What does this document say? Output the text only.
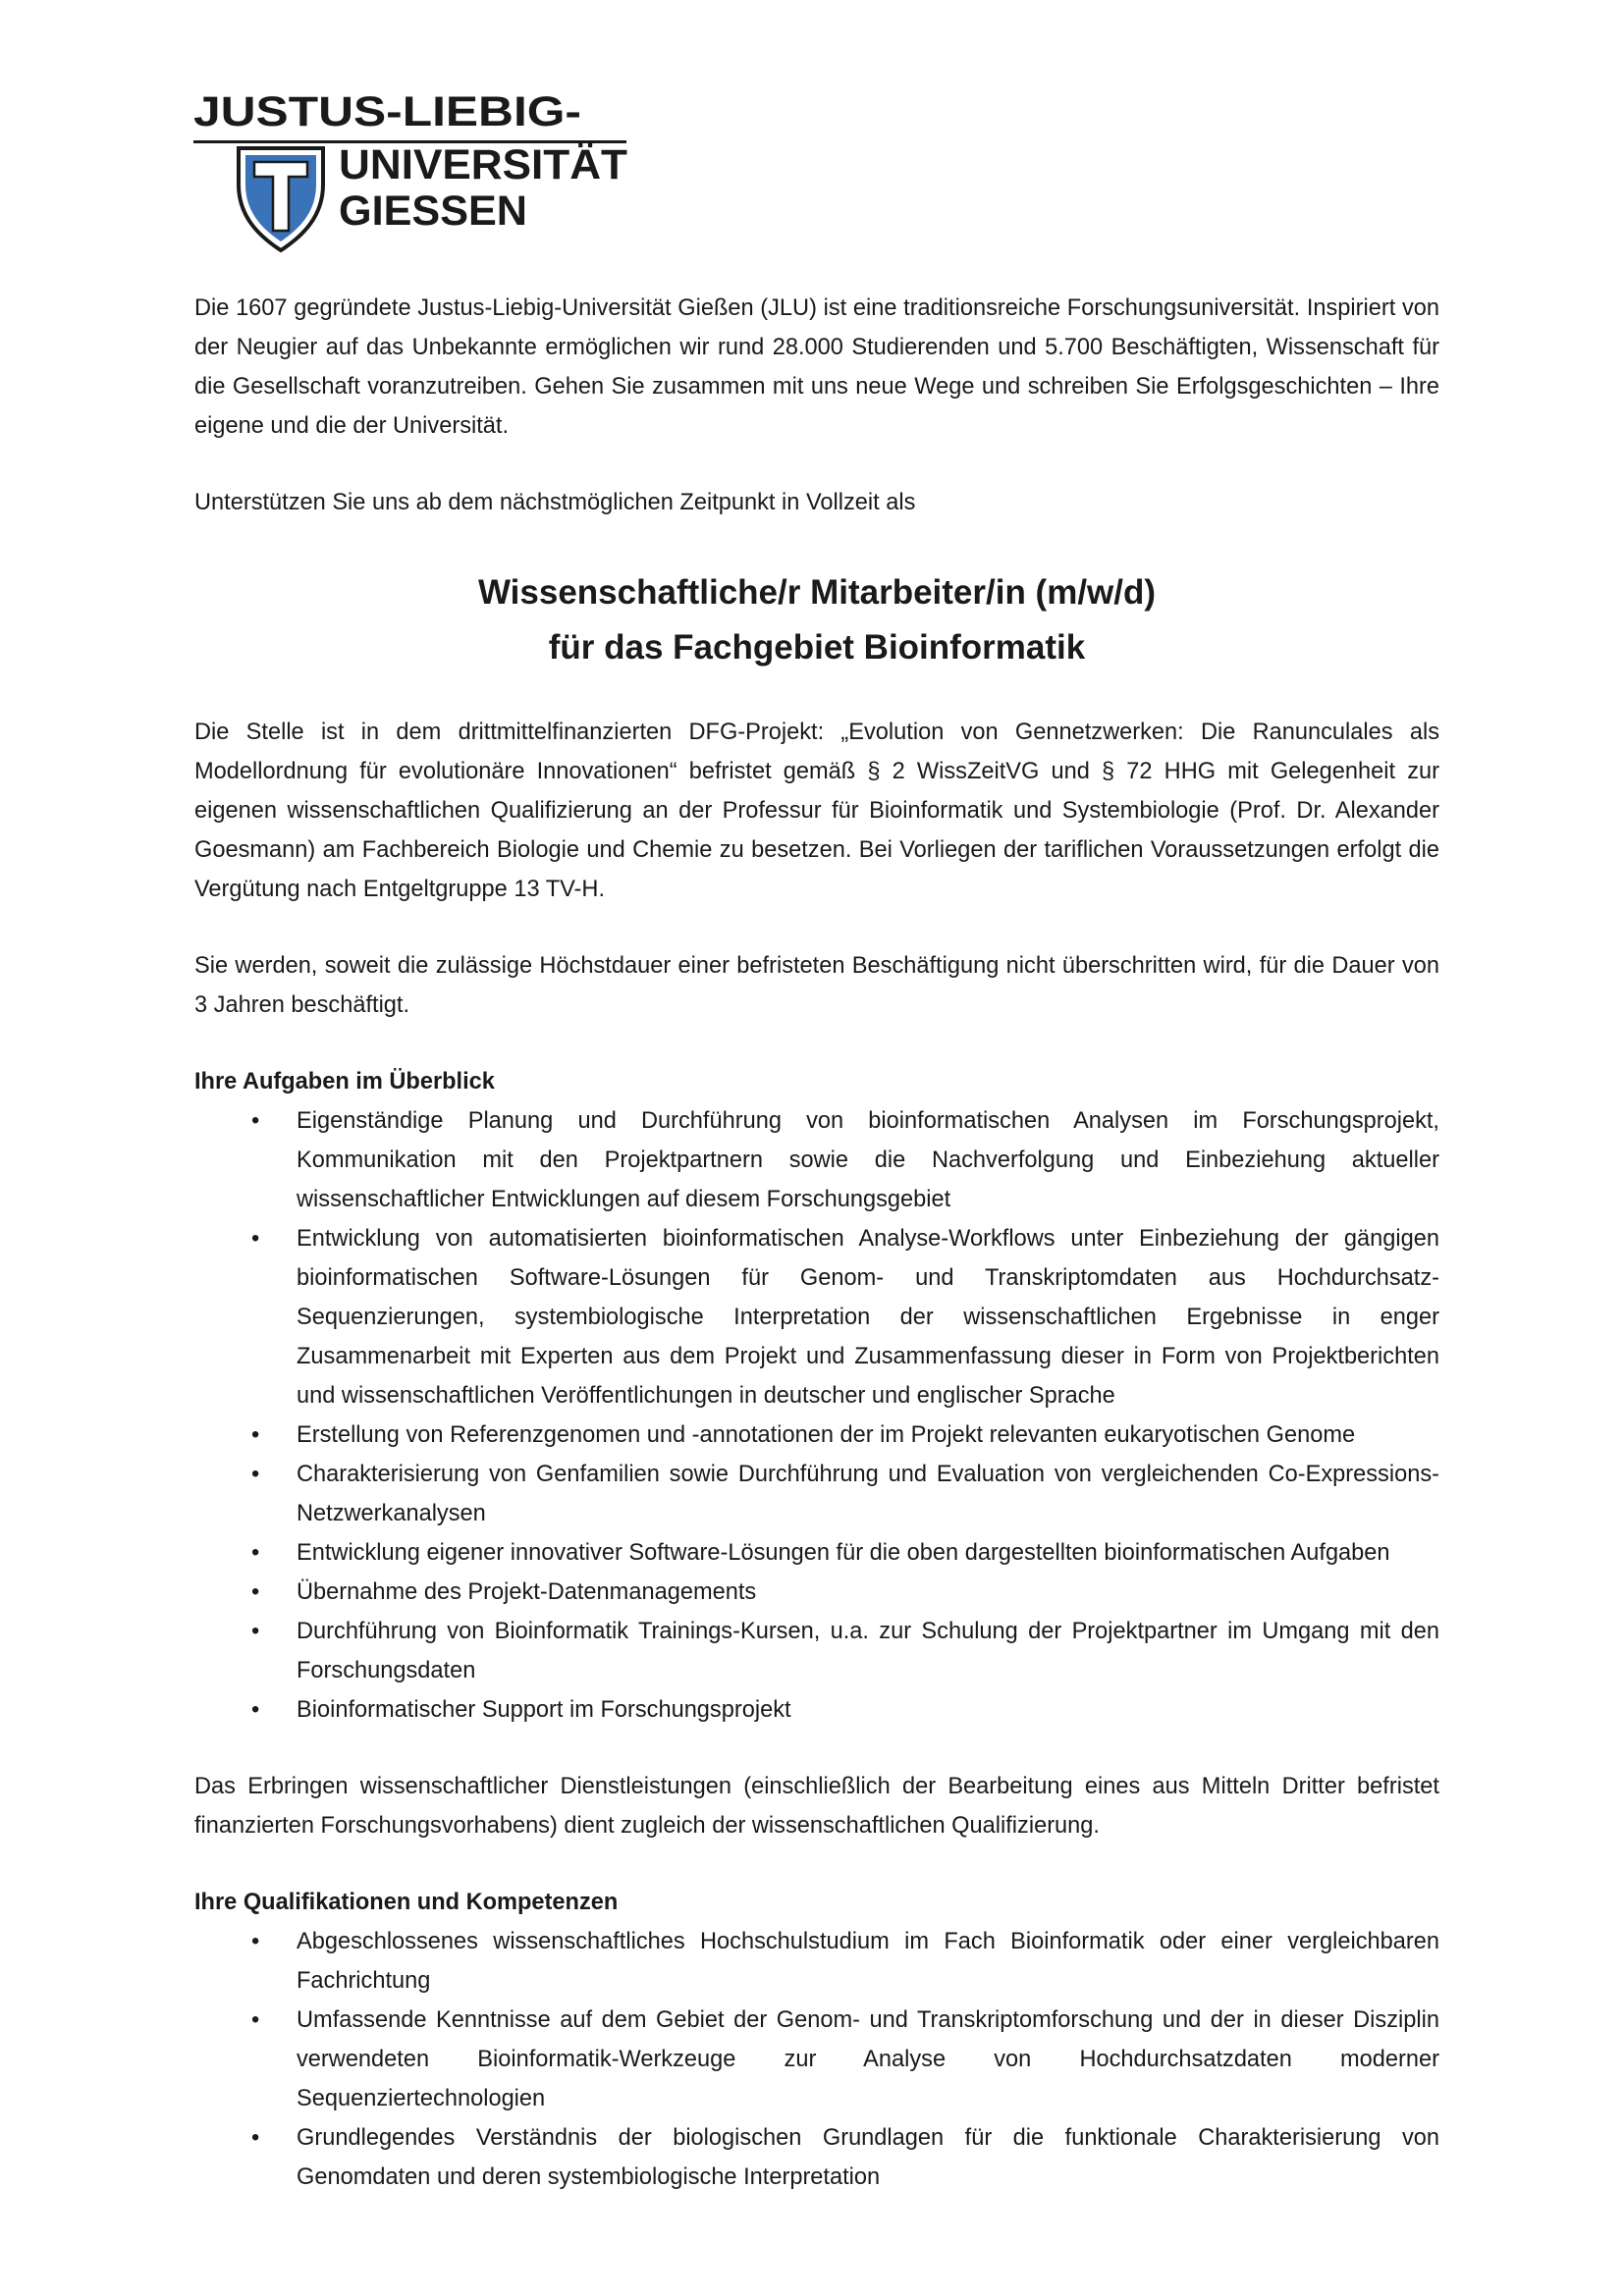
JUSTUS-LIEBIG-
UNIVERSITÄT
GIESSEN

Die 1607 gegründete Justus-Liebig-Universität Gießen (JLU) ist eine traditionsreiche Forschungsuniversität. Inspiriert von der Neugier auf das Unbekannte ermöglichen wir rund 28.000 Studierenden und 5.700 Beschäftigten, Wissenschaft für die Gesellschaft voranzutreiben. Gehen Sie zusammen mit uns neue Wege und schreiben Sie Erfolgsgeschichten – Ihre eigene und die der Universität.

Unterstützen Sie uns ab dem nächstmöglichen Zeitpunkt in Vollzeit als

Wissenschaftliche/r Mitarbeiter/in (m/w/d)
für das Fachgebiet Bioinformatik

Die Stelle ist in dem drittmittelfinanzierten DFG-Projekt: „Evolution von Gennetzwerken: Die Ranunculales als Modellordnung für evolutionäre Innovationen“ befristet gemäß § 2 WissZeitVG und § 72 HHG mit Gelegenheit zur eigenen wissenschaftlichen Qualifizierung an der Professur für Bioinformatik und Systembiologie (Prof. Dr. Alexander Goesmann) am Fachbereich Biologie und Chemie zu besetzen. Bei Vorliegen der tariflichen Voraussetzungen erfolgt die Vergütung nach Entgeltgruppe 13 TV-H.

Sie werden, soweit die zulässige Höchstdauer einer befristeten Beschäftigung nicht überschritten wird, für die Dauer von 3 Jahren beschäftigt.

Ihre Aufgaben im Überblick

• Eigenständige Planung und Durchführung von bioinformatischen Analysen im Forschungsprojekt, Kommunikation mit den Projektpartnern sowie die Nachverfolgung und Einbeziehung aktueller wissenschaftlicher Entwicklungen auf diesem Forschungsgebiet
• Entwicklung von automatisierten bioinformatischen Analyse-Workflows unter Einbeziehung der gängigen bioinformatischen Software-Lösungen für Genom- und Transkriptomdaten aus Hochdurchsatz-Sequenzierungen, systembiologische Interpretation der wissenschaftlichen Ergebnisse in enger Zusammenarbeit mit Experten aus dem Projekt und Zusammenfassung dieser in Form von Projektberichten und wissenschaftlichen Veröffentlichungen in deutscher und englischer Sprache
• Erstellung von Referenzgenomen und -annotationen der im Projekt relevanten eukaryotischen Genome
• Charakterisierung von Genfamilien sowie Durchführung und Evaluation von vergleichenden Co-Expressions-Netzwerkanalysen
• Entwicklung eigener innovativer Software-Lösungen für die oben dargestellten bioinformatischen Aufgaben
• Übernahme des Projekt-Datenmanagements
• Durchführung von Bioinformatik Trainings-Kursen, u.a. zur Schulung der Projektpartner im Umgang mit den Forschungsdaten
• Bioinformatischer Support im Forschungsprojekt

Das Erbringen wissenschaftlicher Dienstleistungen (einschließlich der Bearbeitung eines aus Mitteln Dritter befristet finanzierten Forschungsvorhabens) dient zugleich der wissenschaftlichen Qualifizierung.

Ihre Qualifikationen und Kompetenzen

• Abgeschlossenes wissenschaftliches Hochschulstudium im Fach Bioinformatik oder einer vergleichbaren Fachrichtung
• Umfassende Kenntnisse auf dem Gebiet der Genom- und Transkriptomforschung und der in dieser Disziplin verwendeten Bioinformatik-Werkzeuge zur Analyse von Hochdurchsatzdaten moderner Sequenziertechnologien
• Grundlegendes Verständnis der biologischen Grundlagen für die funktionale Charakterisierung von Genomdaten und deren systembiologische Interpretation
